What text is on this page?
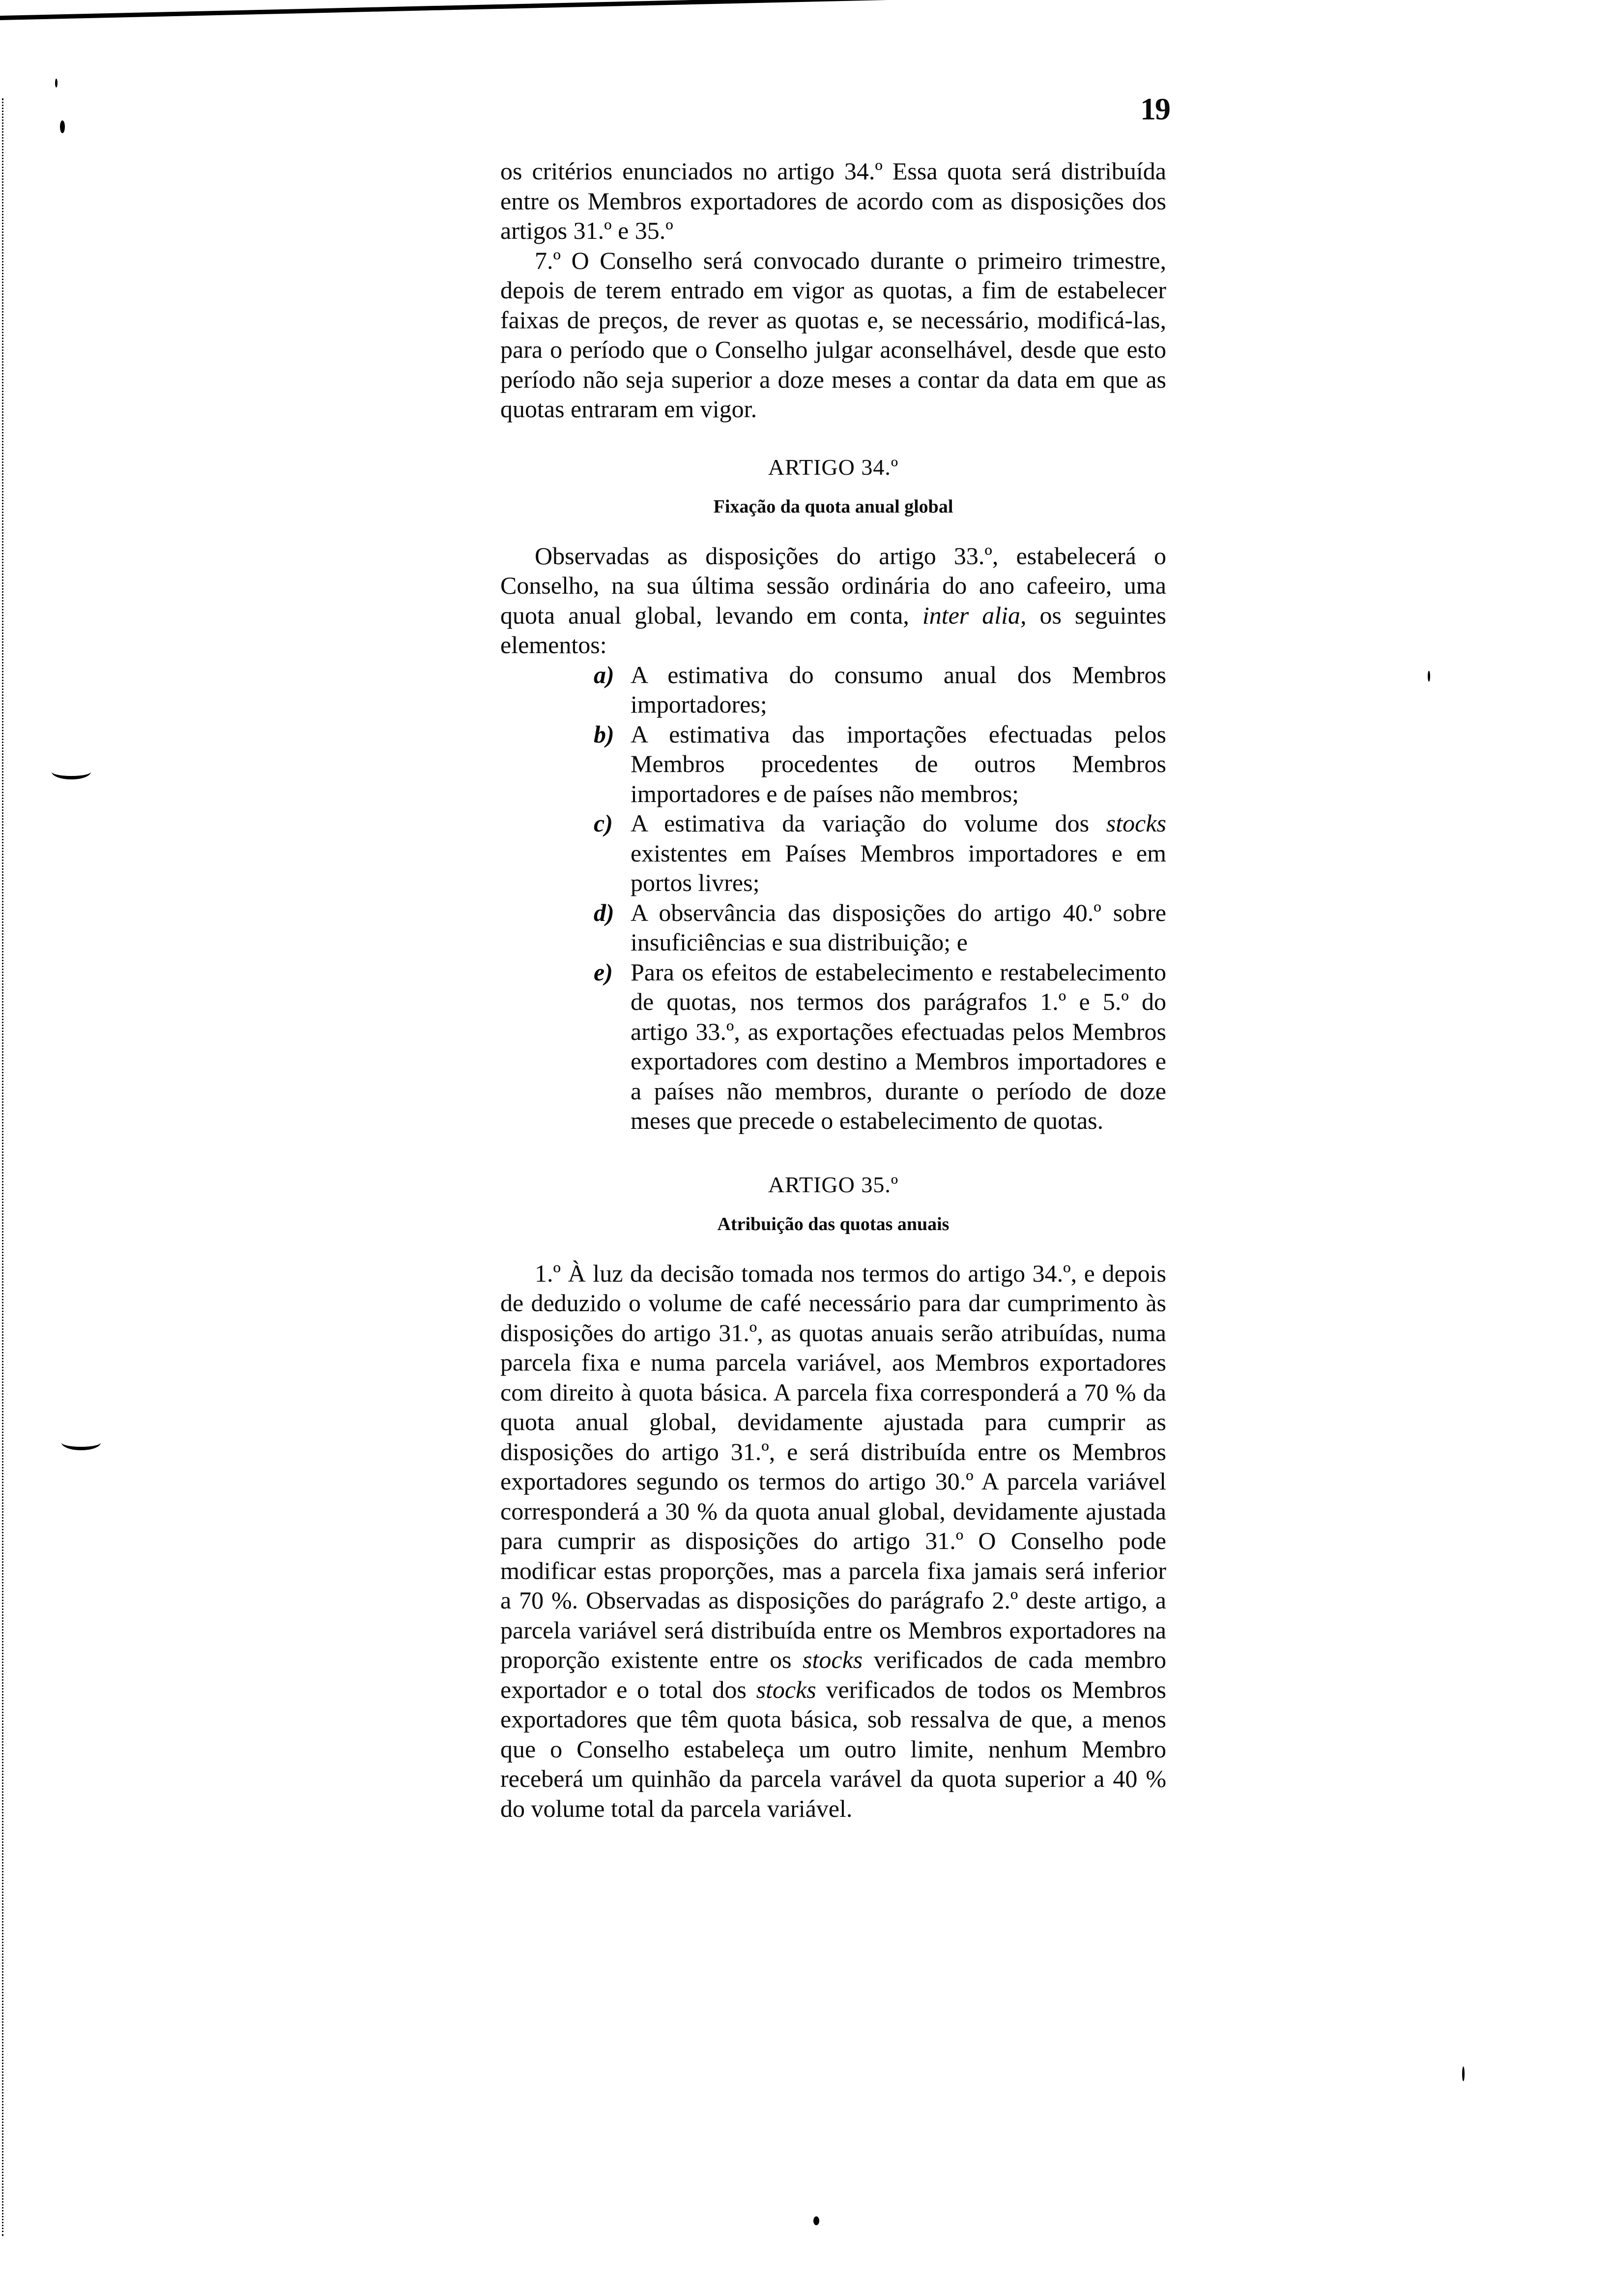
19

os critérios enunciados no artigo 34.º Essa quota será distribuída entre os Membros exportadores de acordo com as disposições dos artigos 31.º e 35.º

7.º O Conselho será convocado durante o primeiro trimestre, depois de terem entrado em vigor as quotas, a fim de estabelecer faixas de preços, de rever as quotas e, se necessário, modificá-las, para o período que o Conselho julgar aconselhável, desde que esto período não seja superior a doze meses a contar da data em que as quotas entraram em vigor.

ARTIGO 34.º
Fixação da quota anual global

Observadas as disposições do artigo 33.º, estabelecerá o Conselho, na sua última sessão ordinária do ano cafeeiro, uma quota anual global, levando em conta, inter alia, os seguintes elementos:

a) A estimativa do consumo anual dos Membros importadores;
b) A estimativa das importações efectuadas pelos Membros procedentes de outros Membros importadores e de países não membros;
c) A estimativa da variação do volume dos stocks existentes em Países Membros importadores e em portos livres;
d) A observância das disposições do artigo 40.º sobre insuficiências e sua distribuição; e
e) Para os efeitos de estabelecimento e restabelecimento de quotas, nos termos dos parágrafos 1.º e 5.º do artigo 33.º, as exportações efectuadas pelos Membros exportadores com destino a Membros importadores e a países não membros, durante o período de doze meses que precede o estabelecimento de quotas.
ARTIGO 35.º
Atribuição das quotas anuais

1.º À luz da decisão tomada nos termos do artigo 34.º, e depois de deduzido o volume de café necessário para dar cumprimento às disposições do artigo 31.º, as quotas anuais serão atribuídas, numa parcela fixa e numa parcela variável, aos Membros exportadores com direito à quota básica. A parcela fixa corresponderá a 70 % da quota anual global, devidamente ajustada para cumprir as disposições do artigo 31.º, e será distribuída entre os Membros exportadores segundo os termos do artigo 30.º A parcela variável corresponderá a 30 % da quota anual global, devidamente ajustada para cumprir as disposições do artigo 31.º O Conselho pode modificar estas proporções, mas a parcela fixa jamais será inferior a 70 %. Observadas as disposições do parágrafo 2.º deste artigo, a parcela variável será distribuída entre os Membros exportadores na proporção existente entre os stocks verificados de cada membro exportador e o total dos stocks verificados de todos os Membros exportadores que têm quota básica, sob ressalva de que, a menos que o Conselho estabeleça um outro limite, nenhum Membro receberá um quinhão da parcela varável da quota superior a 40 % do volume total da parcela variável.
